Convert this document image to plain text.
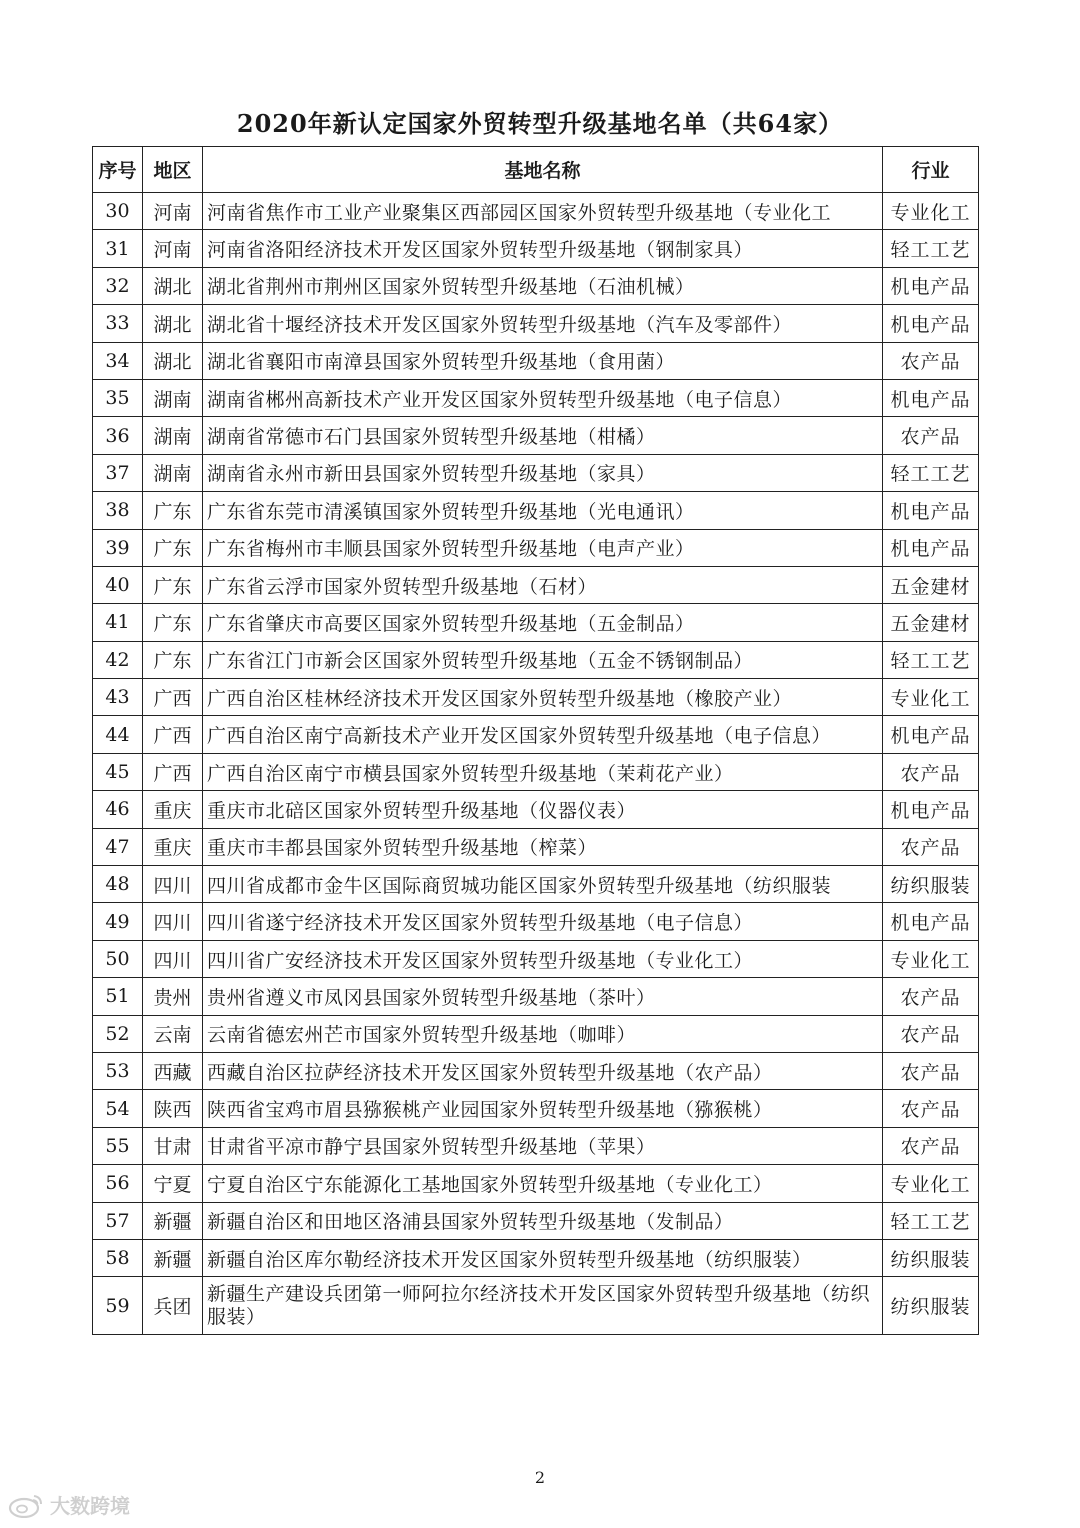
2020年新认定国家外贸转型升级基地名单（共64家）
序号	地区	基地名称	行业
30	河南	河南省焦作市工业产业聚集区西部园区国家外贸转型升级基地（专业化工	专业化工
31	河南	河南省洛阳经济技术开发区国家外贸转型升级基地（钢制家具）	轻工工艺
32	湖北	湖北省荆州市荆州区国家外贸转型升级基地（石油机械）	机电产品
33	湖北	湖北省十堰经济技术开发区国家外贸转型升级基地（汽车及零部件）	机电产品
34	湖北	湖北省襄阳市南漳县国家外贸转型升级基地（食用菌）	农产品
35	湖南	湖南省郴州高新技术产业开发区国家外贸转型升级基地（电子信息）	机电产品
36	湖南	湖南省常德市石门县国家外贸转型升级基地（柑橘）	农产品
37	湖南	湖南省永州市新田县国家外贸转型升级基地（家具）	轻工工艺
38	广东	广东省东莞市清溪镇国家外贸转型升级基地（光电通讯）	机电产品
39	广东	广东省梅州市丰顺县国家外贸转型升级基地（电声产业）	机电产品
40	广东	广东省云浮市国家外贸转型升级基地（石材）	五金建材
41	广东	广东省肇庆市高要区国家外贸转型升级基地（五金制品）	五金建材
42	广东	广东省江门市新会区国家外贸转型升级基地（五金不锈钢制品）	轻工工艺
43	广西	广西自治区桂林经济技术开发区国家外贸转型升级基地（橡胶产业）	专业化工
44	广西	广西自治区南宁高新技术产业开发区国家外贸转型升级基地（电子信息）	机电产品
45	广西	广西自治区南宁市横县国家外贸转型升级基地（茉莉花产业）	农产品
46	重庆	重庆市北碚区国家外贸转型升级基地（仪器仪表）	机电产品
47	重庆	重庆市丰都县国家外贸转型升级基地（榨菜）	农产品
48	四川	四川省成都市金牛区国际商贸城功能区国家外贸转型升级基地（纺织服装	纺织服装
49	四川	四川省遂宁经济技术开发区国家外贸转型升级基地（电子信息）	机电产品
50	四川	四川省广安经济技术开发区国家外贸转型升级基地（专业化工）	专业化工
51	贵州	贵州省遵义市凤冈县国家外贸转型升级基地（茶叶）	农产品
52	云南	云南省德宏州芒市国家外贸转型升级基地（咖啡）	农产品
53	西藏	西藏自治区拉萨经济技术开发区国家外贸转型升级基地（农产品）	农产品
54	陕西	陕西省宝鸡市眉县猕猴桃产业园国家外贸转型升级基地（猕猴桃）	农产品
55	甘肃	甘肃省平凉市静宁县国家外贸转型升级基地（苹果）	农产品
56	宁夏	宁夏自治区宁东能源化工基地国家外贸转型升级基地（专业化工）	专业化工
57	新疆	新疆自治区和田地区洛浦县国家外贸转型升级基地（发制品）	轻工工艺
58	新疆	新疆自治区库尔勒经济技术开发区国家外贸转型升级基地（纺织服装）	纺织服装
59	兵团	新疆生产建设兵团第一师阿拉尔经济技术开发区国家外贸转型升级基地（纺织服装）	纺织服装
2
大数跨境
